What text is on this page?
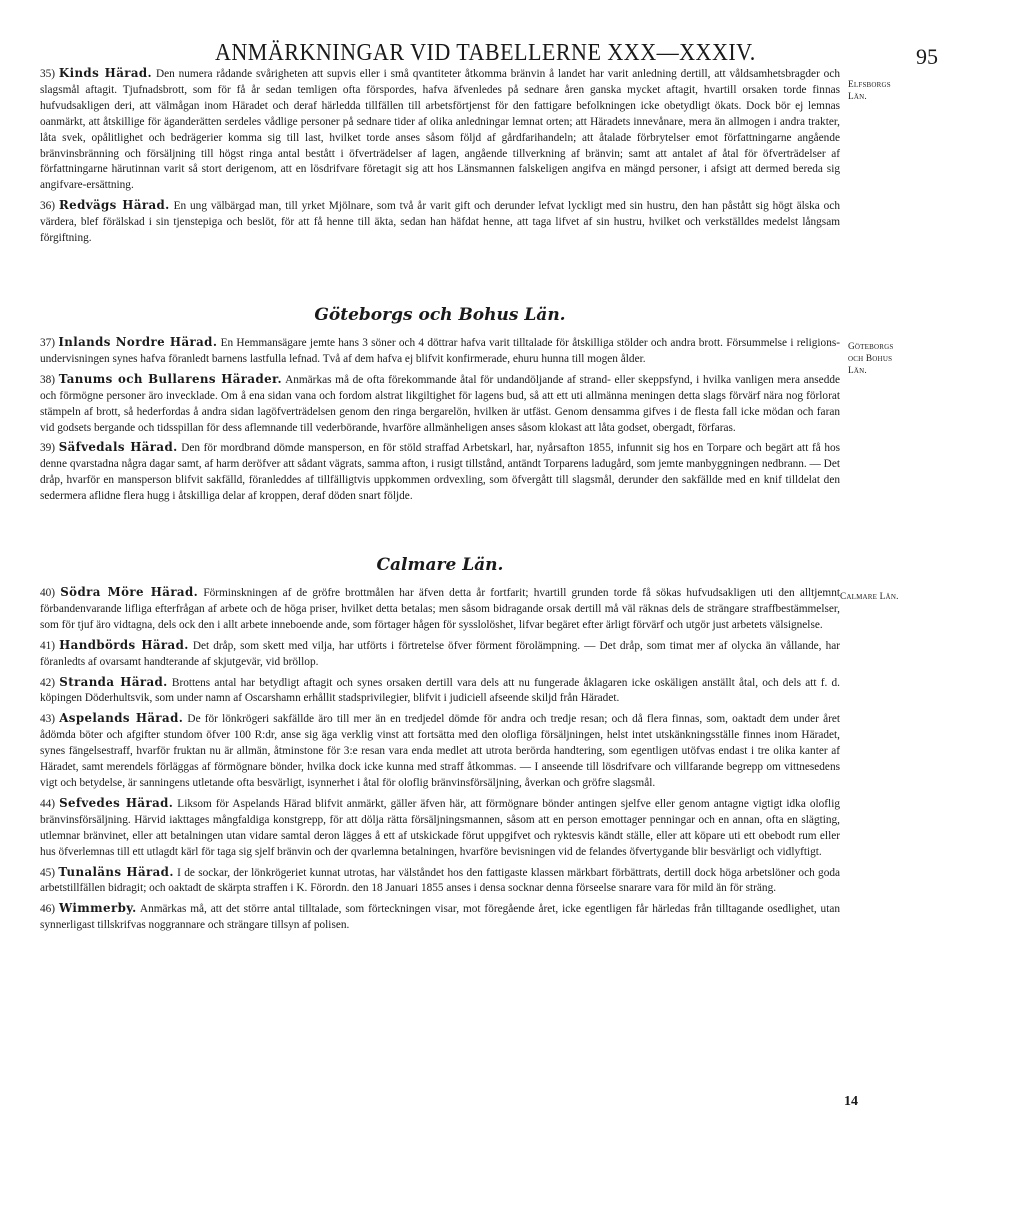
ANMÄRKNINGAR VID TABELLERNE XXX—XXXIV.	95
Elfsborgs Län.

35) Kinds Härad. Den numera rådande svårigheten att supvis eller i små qvantiteter åtkomma bränvin å landet har varit anledning dertill, att våldsamhetsbragder och slagsmål aftagit. Tjufnadsbrott, som för få år sedan temligen ofta förspordes, hafva äfvenledes på sednare åren ganska mycket aftagit, hvartill orsaken torde finnas hufvudsakligen deri, att välmågan inom Häradet och deraf härledda tillfällen till arbetsförtjenst för den fattigare befolkningen icke obetydligt ökats. Dock bör ej lemnas oanmärkt, att åtskillige för äganderätten serdeles vådlige personer på sednare tider af olika anledningar lemnat orten; att Häradets innevånare, mera än allmogen i andra trakter, låta svek, opålitlighet och bedrägerier komma sig till last, hvilket torde anses såsom följd af gårdfarihandeln; att åtalade förbrytelser emot författningarne angående bränvinsbränning och försäljning till högst ringa antal bestått i öfverträdelser af lagen, angående tillverkning af bränvin; samt att antalet af åtal för öfverträdelser af författningarne härutinnan varit så stort derigenom, att en lösdrifvare företagit sig att hos Länsmannen falskeligen angifva en mängd personer, i afsigt att dermed bereda sig angifvare-ersättning.

36) Redvägs Härad. En ung välbärgad man, till yrket Mjölnare, som två år varit gift och derunder lefvat lyckligt med sin hustru, den han påstått sig högt älska och värdera, blef förälskad i sin tjenstepiga och beslöt, för att få henne till äkta, sedan han häfdat henne, att taga lifvet af sin hustru, hvilket och verkställdes medelst långsam förgiftning.

Göteborgs och Bohus Län.
Göteborgs och Bohus Län.

37) Inlands Nordre Härad. En Hemmansägare jemte hans 3 söner och 4 döttrar hafva varit tilltalade för åtskilliga stölder och andra brott. Försummelse i religions-undervisningen synes hafva föranledt barnens lastfulla lefnad. Två af dem hafva ej blifvit konfirmerade, ehuru hunna till mogen ålder.

38) Tanums och Bullarens Härader. Anmärkas må de ofta förekommande åtal för undandöljande af strand- eller skeppsfynd, i hvilka vanligen mera ansedde och förmögne personer äro invecklade. Om å ena sidan vana och fordom alstrat likgiltighet för lagens bud, så att ett uti allmänna meningen detta slags förvärf nära nog förlorat stämpeln af brott, så hederfordas å andra sidan lagöfverträdelsen genom den ringa bergarelön, hvilken är utfäst. Genom densamma gifves i de flesta fall icke mödan och faran vid godsets bergande och tidsspillan för dess aflemnande till vederbörande, hvarföre allmänheligen anses såsom klokast att låta godset, obergadt, förfaras.

39) Säfvedals Härad. Den för mordbrand dömde mansperson, en för stöld straffad Arbetskarl, har, nyårsafton 1855, infunnit sig hos en Torpare och begärt att få hos denne qvarstadna några dagar samt, af harm deröfver att sådant vägrats, samma afton, i rusigt tillstånd, antändt Torparens ladugård, som jemte manbyggningen nedbrann. — Det dråp, hvarför en mansperson blifvit sakfälld, föranleddes af tillfälligtvis uppkommen ordvexling, som öfvergått till slagsmål, derunder den sakfällde med en knif tilldelat den sedermera aflidne flera hugg i åtskilliga delar af kroppen, deraf döden snart följde.

Calmare Län.
Calmare Län.

40) Södra Möre Härad. Förminskningen af de gröfre brottmålen har äfven detta år fortfarit; hvartill grunden torde få sökas hufvudsakligen uti den alltjemnt förbandenvarande lifliga efterfrågan af arbete och de höga priser, hvilket detta betalas; men såsom bidragande orsak dertill må väl räknas dels de strängare straffbestämmelser, som för tjuf äro vidtagna, dels ock den i allt arbete inneboende ande, som förtager hågen för sysslolöshet, lifvar begäret efter ärligt förvärf och utgör just arbetets välsignelse.

41) Handbörds Härad. Det dråp, som skett med vilja, har utförts i förtretelse öfver förment förolämpning. — Det dråp, som timat mer af olycka än vållande, har föranledts af ovarsamt handterande af skjutgevär, vid bröllop.

42) Stranda Härad. Brottens antal har betydligt aftagit och synes orsaken dertill vara dels att nu fungerade åklagaren icke oskäligen anställt åtal, och dels att f. d. köpingen Döderhultsvik, som under namn af Oscarshamn erhållit stadsprivilegier, blifvit i judiciell afseende skiljd från Häradet.

43) Aspelands Härad. De för lönkrögeri sakfällde äro till mer än en tredjedel dömde för andra och tredje resan; och då flera finnas, som, oaktadt dem under året ådömda böter och afgifter stundom öfver 100 R:dr, anse sig äga verklig vinst att fortsätta med den olofliga försäljningen, helst intet utskänkningsställe finnes inom Häradet, synes fängelsestraff, hvarför fruktan nu är allmän, åtminstone för 3:e resan vara enda medlet att utrota berörda handtering, som egentligen utöfvas endast i tre olika kanter af Häradet, samt merendels förläggas af förmögnare bönder, hvilka dock icke kunna med straff åtkommas. — I anseende till lösdrifvare och villfarande begrepp om vittnesedens vigt och betydelse, är sanningens utletande ofta besvärligt, isynnerhet i åtal för oloflig bränvinsförsäljning, åverkan och gröfre slagsmål.

44) Sefvedes Härad. Liksom för Aspelands Härad blifvit anmärkt, gäller äfven här, att förmögnare bönder antingen sjelfve eller genom antagne vigtigt idka oloflig bränvinsförsäljning. Härvid iakttages mångfaldiga konstgrepp, för att dölja rätta försäljningsmannen, såsom att en person emottager penningar och en annan, ofta en slägting, utlemnar bränvinet, eller att betalningen utan vidare samtal deron lägges å ett af utskickade förut uppgifvet och ryktesvis kändt ställe, eller att köpare uti ett obebodt rum eller hus öfverlemnas till ett utlagdt kärl för taga sig sjelf bränvin och der qvarlemna betalningen, hvarföre bevisningen vid de felandes öfvertygande blir besvärligt och vidlyftigt.

45) Tunaläns Härad. I de sockar, der lönkrögeriet kunnat utrotas, har välståndet hos den fattigaste klassen märkbart förbättrats, dertill dock höga arbetslöner och goda arbetstillfällen bidragit; och oaktadt de skärpta straffen i K. Förordn. den 18 Januari 1855 anses i densa socknar denna förseelse snarare vara för mild än för sträng.

46) Wimmerby. Anmärkas må, att det större antal tilltalade, som förteckningen visar, mot föregående året, icke egentligen får härledas från tilltagande osedlighet, utan synnerligast tillskrifvas noggrannare och strängare tillsyn af polisen.

14
